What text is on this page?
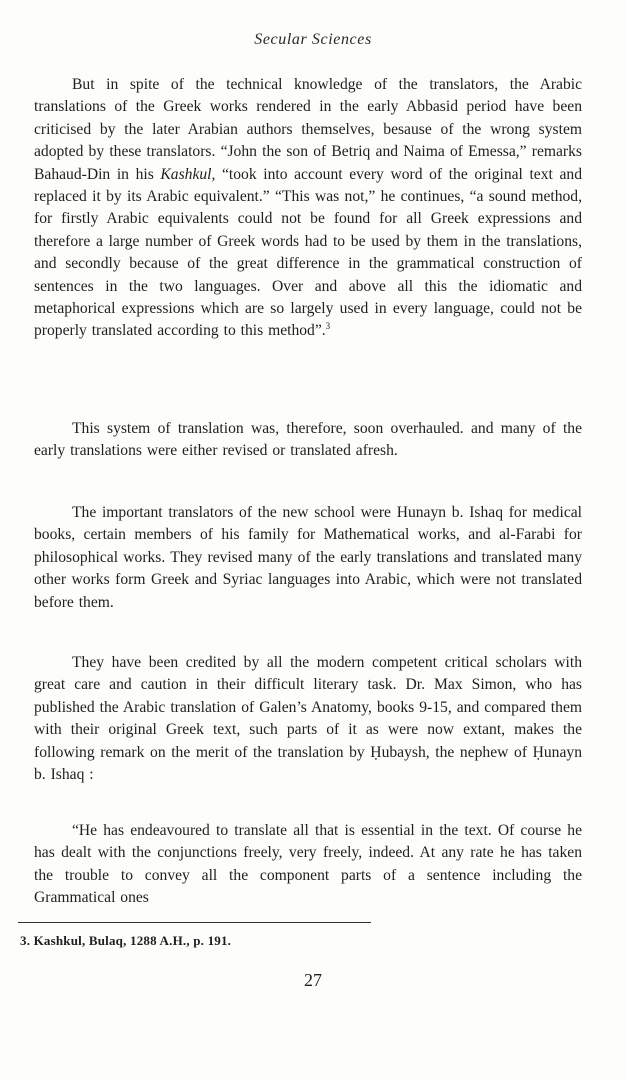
Secular Sciences

But in spite of the technical knowledge of the translators, the Arabic translations of the Greek works rendered in the early Abbasid period have been criticised by the later Arabian authors themselves, besause of the wrong system adopted by these translators. “John the son of Betriq and Naima of Emessa,” remarks Bahaud-Din in his Kashkul, “took into account every word of the original text and replaced it by its Arabic equivalent.” “This was not,” he continues, “a sound method, for firstly Arabic equivalents could not be found for all Greek expressions and therefore a large number of Greek words had to be used by them in the translations, and secondly because of the great difference in the grammatical construction of sentences in the two languages. Over and above all this the idiomatic and metaphorical expressions which are so largely used in every language, could not be properly translated according to this method”.$^3$

This system of translation was, therefore, soon overhauled. and many of the early translations were either revised or translated afresh.

The important translators of the new school were Hunayn b. Ishaq for medical books, certain members of his family for Mathematical works, and al-Farabi for philosophical works. They revised many of the early translations and translated many other works form Greek and Syriac languages into Arabic, which were not translated before them.

They have been credited by all the modern competent critical scholars with great care and caution in their difficult literary task. Dr. Max Simon, who has published the Arabic translation of Galen’s Anatomy, books 9-15, and compared them with their original Greek text, such parts of it as were now extant, makes the following remark on the merit of the translation by Ḥubaysh, the nephew of Ḥunayn b. Ishaq :

“He has endeavoured to translate all that is essential in the text. Of course he has dealt with the conjunctions freely, very freely, indeed. At any rate he has taken the trouble to convey all the component parts of a sentence including the Grammatical ones

3. Kashkul, Bulaq, 1288 A.H., p. 191.
27
